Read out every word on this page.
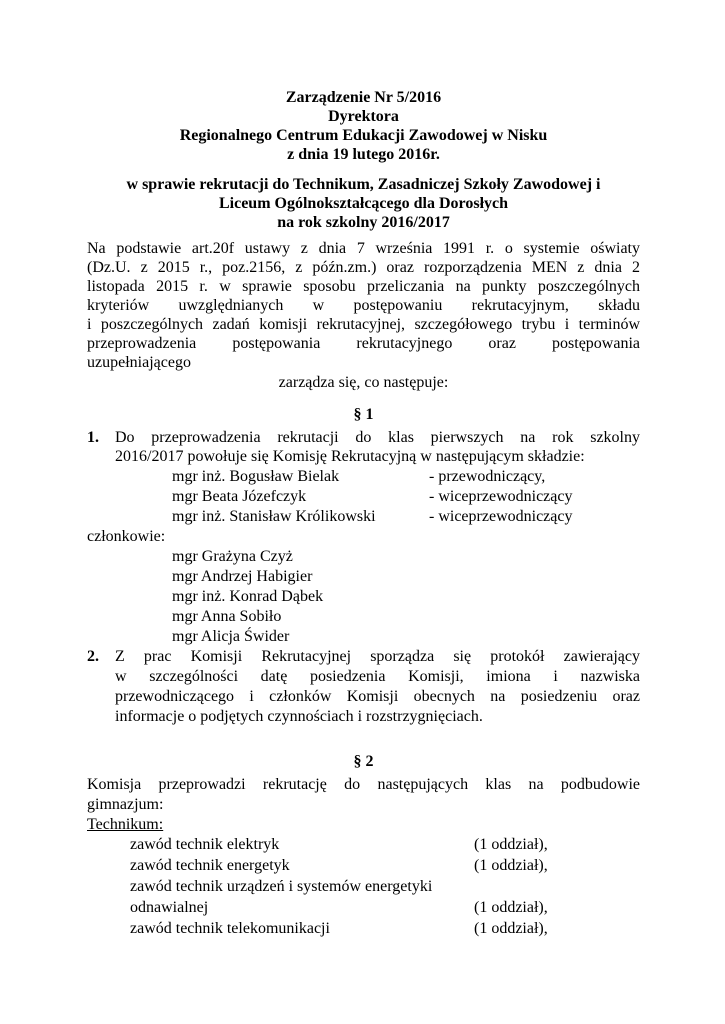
Zarządzenie Nr 5/2016
Dyrektora
Regionalnego Centrum Edukacji Zawodowej w Nisku
z dnia 19 lutego 2016r.
w sprawie rekrutacji do Technikum, Zasadniczej Szkoły Zawodowej i
Liceum Ogólnokształcącego dla Dorosłych
na rok szkolny 2016/2017
Na podstawie art.20f ustawy z dnia 7 września 1991 r. o systemie oświaty
(Dz.U. z 2015 r., poz.2156, z późn.zm.) oraz rozporządzenia MEN z dnia 2
listopada 2015 r. w sprawie sposobu przeliczania na punkty poszczególnych
kryteriów uwzględnianych w postępowaniu rekrutacyjnym, składu
i poszczególnych zadań komisji rekrutacyjnej, szczegółowego trybu i terminów
przeprowadzenia postępowania rekrutacyjnego oraz postępowania
uzupełniającego
zarządza się, co następuje:
§ 1
1. Do przeprowadzenia rekrutacji do klas pierwszych na rok szkolny
2016/2017 powołuje się Komisję Rekrutacyjną w następującym składzie:
mgr inż. Bogusław Bielak	- przewodniczący,
mgr Beata Józefczyk	- wiceprzewodniczący
mgr inż. Stanisław Królikowski	- wiceprzewodniczący
członkowie:
mgr Grażyna Czyż
mgr Andrzej Habigier
mgr inż. Konrad Dąbek
mgr Anna Sobiło
mgr Alicja Świder
2. Z prac Komisji Rekrutacyjnej sporządza się protokół zawierający
w szczególności datę posiedzenia Komisji, imiona i nazwiska
przewodniczącego i członków Komisji obecnych na posiedzeniu oraz
informacje o podjętych czynnościach i rozstrzygnięciach.
§ 2
Komisja przeprowadzi rekrutację do następujących klas na podbudowie
gimnazjum:
Technikum:
zawód technik elektryk	(1 oddział),
zawód technik energetyk	(1 oddział),
zawód technik urządzeń i systemów energetyki
odnawialnej	(1 oddział),
zawód technik telekomunikacji	(1 oddział),
